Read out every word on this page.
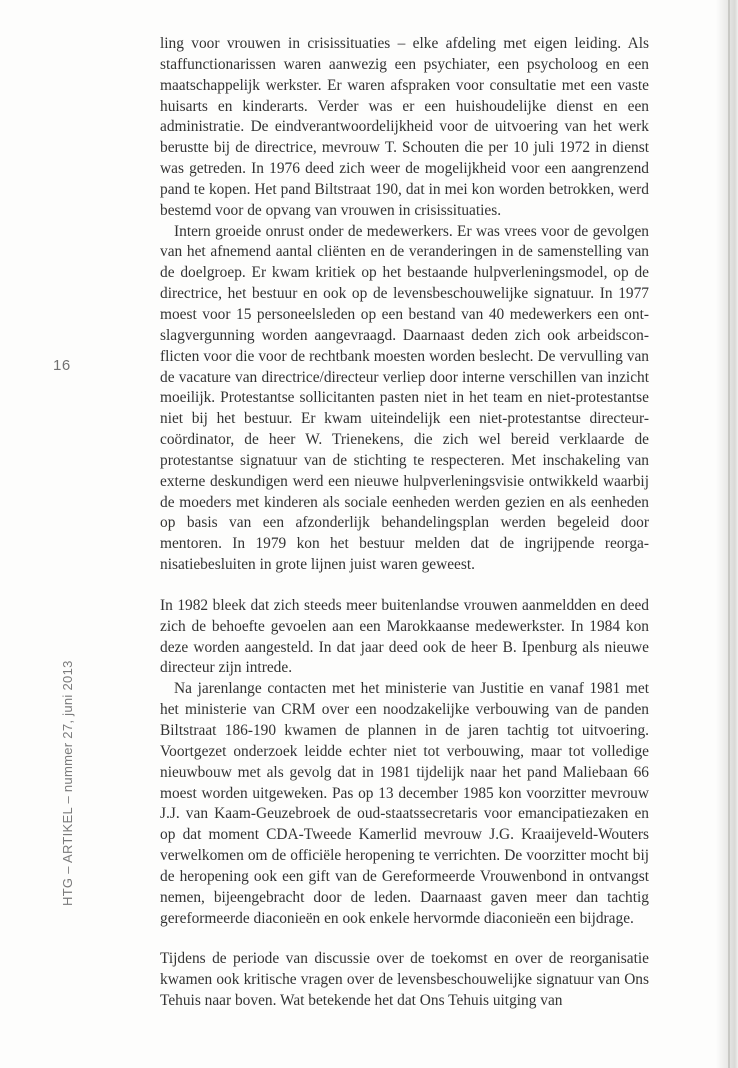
16
HTG – ARTIKEL – nummer 27, juni 2013

ling voor vrouwen in crisissituaties – elke afdeling met eigen leiding. Als staffunctionarissen waren aanwezig een psychiater, een psycholoog en een maatschappelijk werkster. Er waren afspraken voor consultatie met een vaste huisarts en kinderarts. Verder was er een huishoudelijke dienst en een administratie. De eindverantwoordelijkheid voor de uitvoering van het werk berustte bij de directrice, mevrouw T. Schouten die per 10 juli 1972 in dienst was getreden. In 1976 deed zich weer de mogelijkheid voor een aangrenzend pand te kopen. Het pand Biltstraat 190, dat in mei kon worden betrokken, werd bestemd voor de opvang van vrouwen in crisissituaties.

Intern groeide onrust onder de medewerkers. Er was vrees voor de gevolgen van het afnemend aantal cliënten en de veranderingen in de samenstelling van de doelgroep. Er kwam kritiek op het bestaande hulpverleningsmodel, op de directrice, het bestuur en ook op de levensbeschouwelijke signatuur. In 1977 moest voor 15 personeelsleden op een bestand van 40 medewerkers een ontslagvergunning worden aangevraagd. Daarnaast deden zich ook arbeidsconflicten voor die voor de rechtbank moesten worden beslecht. De vervulling van de vacature van directrice/directeur verliep door interne verschillen van inzicht moeilijk. Protestantse sollicitanten pasten niet in het team en niet-protestantse niet bij het bestuur. Er kwam uiteindelijk een niet-protestantse directeur-coördinator, de heer W. Trienekens, die zich wel bereid verklaarde de protestantse signatuur van de stichting te respecteren. Met inschakeling van externe deskundigen werd een nieuwe hulpverleningsvisie ontwikkeld waarbij de moeders met kinderen als sociale eenheden werden gezien en als eenheden op basis van een afzonderlijk behandelingsplan werden begeleid door mentoren. In 1979 kon het bestuur melden dat de ingrijpende reorganisatiebesluiten in grote lijnen juist waren geweest.

In 1982 bleek dat zich steeds meer buitenlandse vrouwen aanmeldden en deed zich de behoefte gevoelen aan een Marokkaanse medewerkster. In 1984 kon deze worden aangesteld. In dat jaar deed ook de heer B. Ipenburg als nieuwe directeur zijn intrede.

Na jarenlange contacten met het ministerie van Justitie en vanaf 1981 met het ministerie van CRM over een noodzakelijke verbouwing van de panden Biltstraat 186-190 kwamen de plannen in de jaren tachtig tot uitvoering. Voortgezet onderzoek leidde echter niet tot verbouwing, maar tot volledige nieuwbouw met als gevolg dat in 1981 tijdelijk naar het pand Maliebaan 66 moest worden uitgeweken. Pas op 13 december 1985 kon voorzitter mevrouw J.J. van Kaam-Geuzebroek de oud-staatssecretaris voor emancipatiezaken en op dat moment CDA-Tweede Kamerlid mevrouw J.G. Kraaijeveld-Wouters verwelkomen om de officiële heropening te verrichten. De voorzitter mocht bij de heropening ook een gift van de Gereformeerde Vrouwenbond in ontvangst nemen, bijeengebracht door de leden. Daarnaast gaven meer dan tachtig gereformeerde diaconieën en ook enkele hervormde diaconieën een bijdrage.

Tijdens de periode van discussie over de toekomst en over de reorganisatie kwamen ook kritische vragen over de levensbeschouwelijke signatuur van Ons Tehuis naar boven. Wat betekende het dat Ons Tehuis uitging van
